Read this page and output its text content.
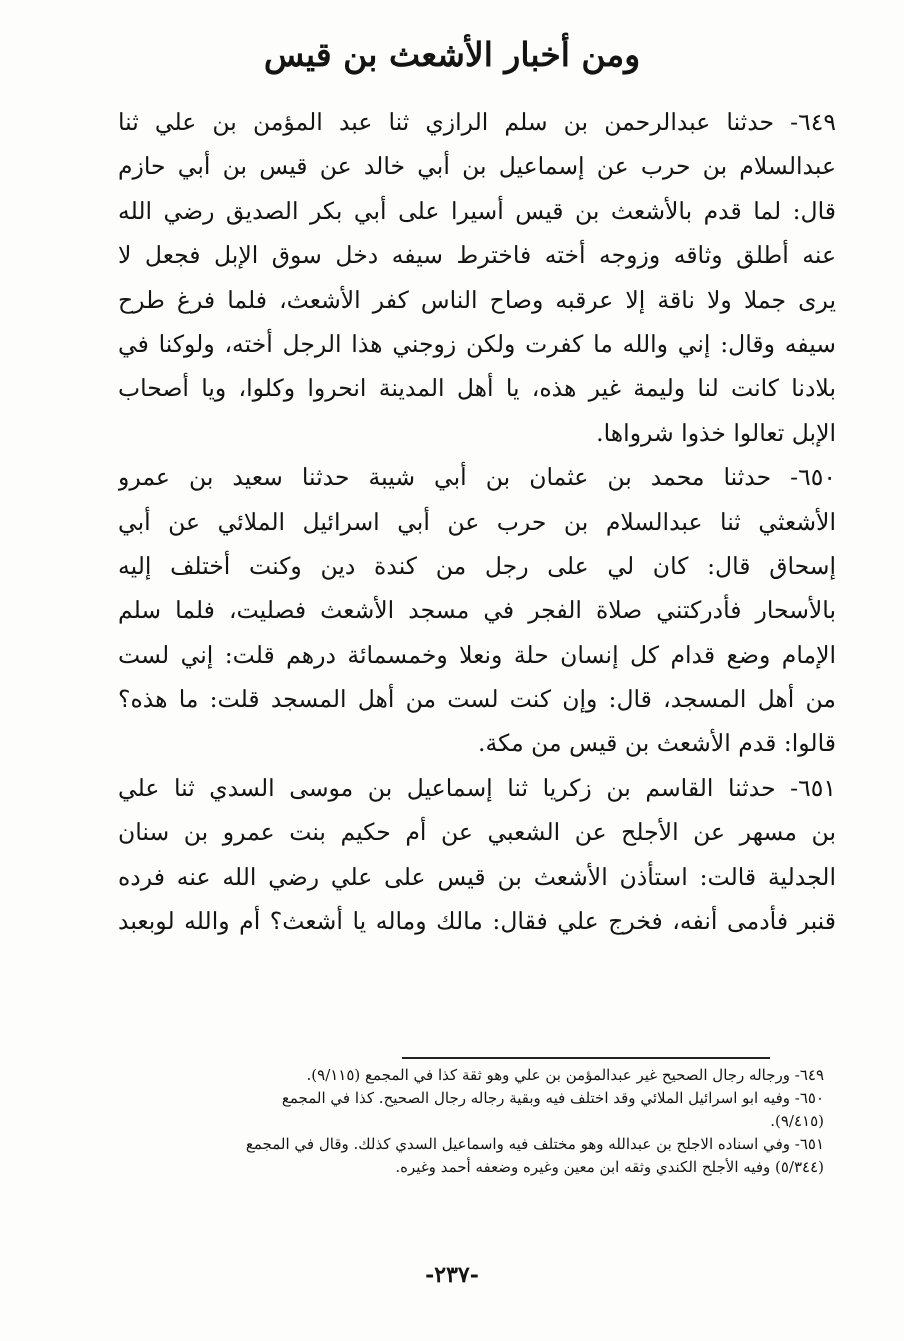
ومن أخبار الأشعث بن قيس
٦٤٩- حدثنا عبدالرحمن بن سلم الرازي ثنا عبد المؤمن بن علي ثنا
عبدالسلام بن حرب عن إسماعيل بن أبي خالد عن قيس بن أبي حازم
قال: لما قدم بالأشعث بن قيس أسيرا على أبي بكر الصديق رضي الله
عنه أطلق وثاقه وزوجه أخته فاخترط سيفه دخل سوق الإبل فجعل لا
يرى جملا ولا ناقة إلا عرقبه وصاح الناس كفر الأشعث، فلما فرغ طرح
سيفه وقال: إني والله ما كفرت ولكن زوجني هذا الرجل أخته، ولوكنا في
بلادنا كانت لنا وليمة غير هذه، يا أهل المدينة انحروا وكلوا، ويا أصحاب
الإبل تعالوا خذوا شرواها.
٦٥٠- حدثنا محمد بن عثمان بن أبي شيبة حدثنا سعيد بن عمرو
الأشعثي ثنا عبدالسلام بن حرب عن أبي اسرائيل الملائي عن أبي
إسحاق قال: كان لي على رجل من كندة دين وكنت أختلف إليه
بالأسحار فأدركتني صلاة الفجر في مسجد الأشعث فصليت، فلما سلم
الإمام وضع قدام كل إنسان حلة ونعلا وخمسمائة درهم قلت: إني لست
من أهل المسجد، قال: وإن كنت لست من أهل المسجد قلت: ما هذه؟
قالوا: قدم الأشعث بن قيس من مكة.
٦٥١- حدثنا القاسم بن زكريا ثنا إسماعيل بن موسى السدي ثنا علي
بن مسهر عن الأجلح عن الشعبي عن أم حكيم بنت عمرو بن سنان
الجدلية قالت: استأذن الأشعث بن قيس على علي رضي الله عنه فرده
قنبر فأدمى أنفه، فخرج علي فقال: مالك وماله يا أشعث؟ أم والله لوبعبد
٦٤٩- ورجاله رجال الصحيح غير عبدالمؤمن بن علي وهو ثقة كذا في المجمع (٩/١١٥).
٦٥٠- وفيه ابو اسرائيل الملائي وقد اختلف فيه وبقية رجاله رجال الصحيح. كذا في المجمع
(٩/٤١٥).
٦٥١- وفي اسناده الاجلح بن عبدالله وهو مختلف فيه واسماعيل السدي كذلك. وقال في المجمع
(٥/٣٤٤) وفيه الأجلح الكندي وثقه ابن معين وغيره وضعفه أحمد وغيره.
-٢٣٧-
